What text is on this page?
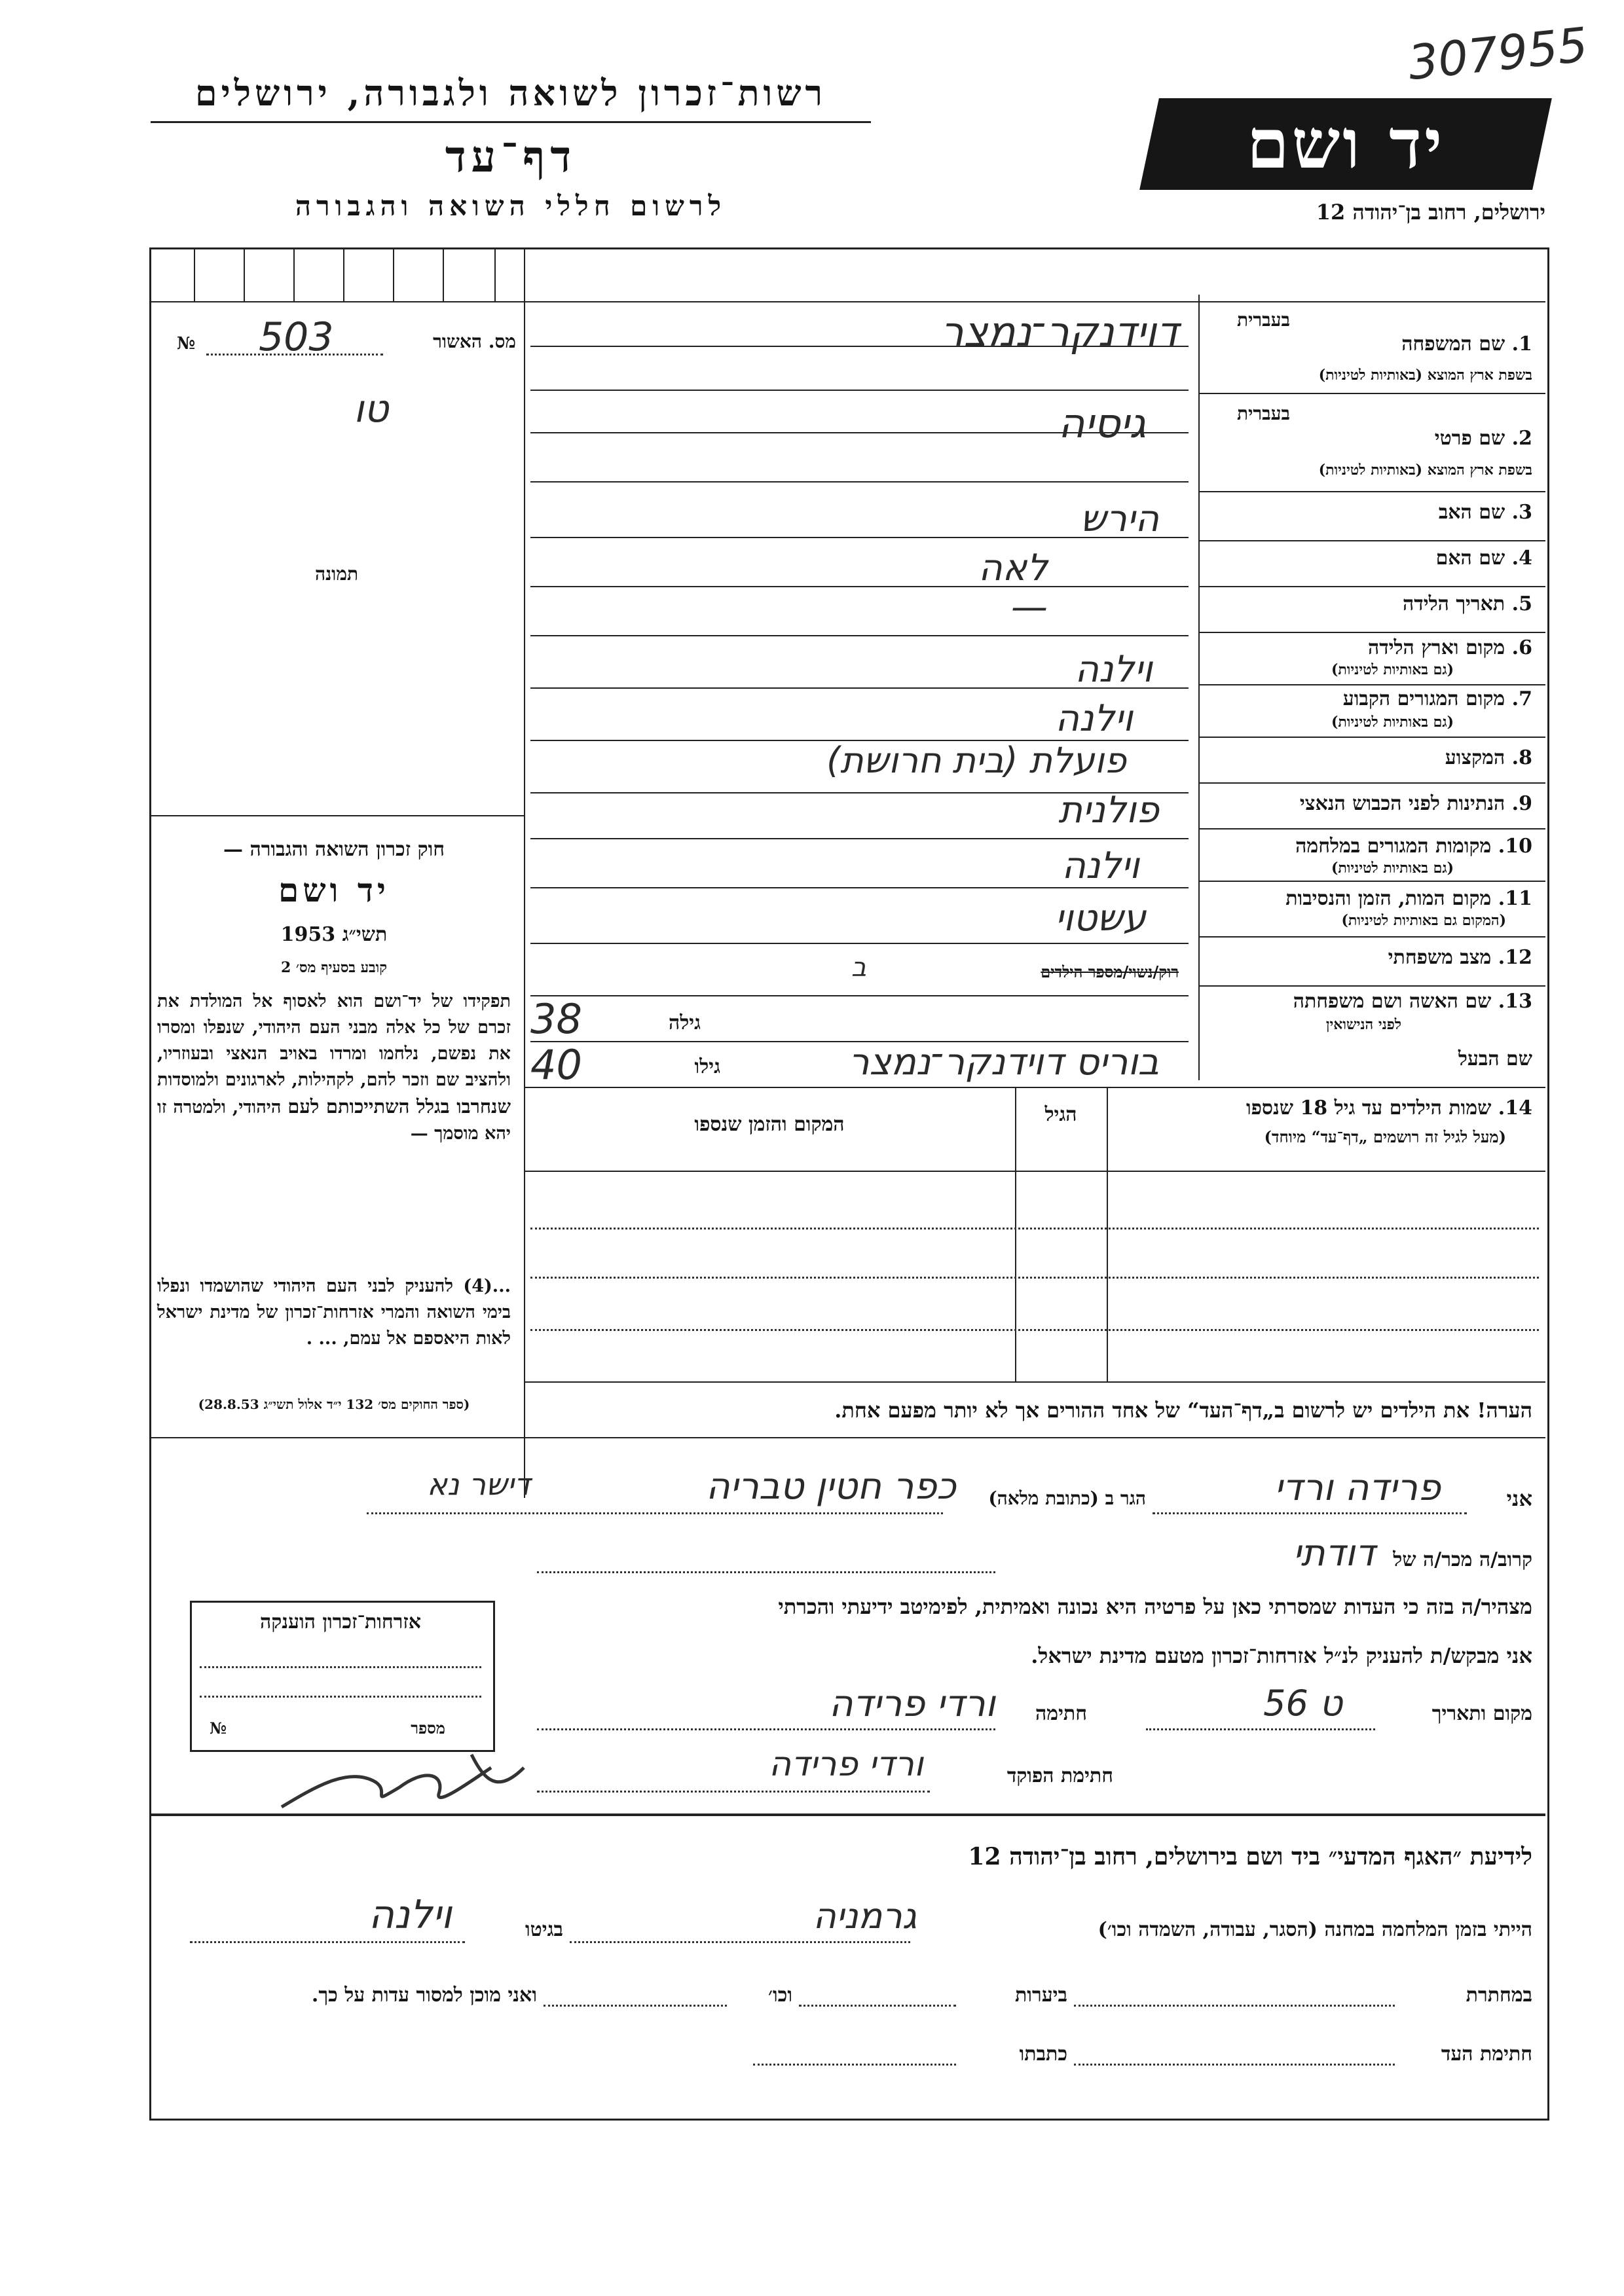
307955
רשות־זכרון לשואה ולגבורה, ירושלים
דף־עד
לרשום חללי השואה והגבורה
יד ושם
ירושלים, רחוב בן־יהודה 12
מס. האשור
№ 503
טו
תמונה
חוק זכרון השואה והגבורה —
יד ושם
תשי״ג 1953
קובע בסעיף מס׳ 2
תפקידו של יד־ושם הוא לאסוף אל המולדת את זכרם של כל אלה מבני העם היהודי, שנפלו ומסרו את נפשם, נלחמו ומרדו באויב הנאצי ובעוזריו, ולהציב שם וזכר להם, לקהילות, לארגונים ולמוסדות שנחרבו בגלל השתייכותם לעם היהודי, ולמטרה זו יהא מוסמך —
...(4) להעניק לבני העם היהודי שהושמדו ונפלו בימי השואה והמרי אזרחות־זכרון של מדינת ישראל לאות היאספם אל עמם, ... .
(ספר החוקים מס׳ 132 י״ד אלול תשי״ג 28.8.53)
בעברית
1. שם המשפחה
בשפת ארץ המוצא (באותיות לטיניות)
דוידנקר־נמצר
בעברית
2. שם פרטי
בשפת ארץ המוצא (באותיות לטיניות)
גיסיה
3. שם האב
הירש
4. שם האם
לאה
5. תאריך הלידה
—
6. מקום וארץ הלידה
(גם באותיות לטיניות)
וילנה
7. מקום המגורים הקבוע
(גם באותיות לטיניות)
וילנה
8. המקצוע
פועלת (בית חרושת)
9. הנתינות לפני הכבוש הנאצי
פולנית
10. מקומות המגורים במלחמה
(גם באותיות לטיניות)
וילנה
11. מקום המות, הזמן והנסיבות
(המקום גם באותיות לטיניות)
עשטוי
12. מצב משפחתי
רוק/נשוי/מספר הילדים
ב
13. שם האשה ושם משפחתה
לפני הנישואין
גילה
38
שם הבעל
גילו
40	בוריס דוידנקר־נמצר
14. שמות הילדים עד גיל 18 שנספו
(מעל לגיל זה רושמים „דף־עד“ מיוחד)
הגיל
המקום והזמן שנספו
הערה! את הילדים יש לרשום ב„דף־העד“ של אחד ההורים אך לא יותר מפעם אחת.
אני
פרידה ורדי
הגר ב (כתובת מלאה)
כפר חטין טבריה
דישר נא
קרוב/ה מכר/ה של
דודתי
מצהיר/ה בזה כי העדות שמסרתי כאן על פרטיה היא נכונה ואמיתית, לפימיטב ידיעתי והכרתי
אני מבקש/ת להעניק לנ״ל אזרחות־זכרון מטעם מדינת ישראל.
מקום ותאריך
ט 56
חתימה
ורדי פרידה
חתימת הפוקד
ורדי פרידה
אזרחות־זכרון הוענקה
מספר
№
לידיעת ״האגף המדעי״ ביד ושם בירושלים, רחוב בן־יהודה 12
הייתי בזמן המלחמה במחנה (הסגר, עבודה, השמדה וכו׳)
גרמניה
בגיטו
וילנה
במחתרת
ביערות
וכו׳
ואני מוכן למסור עדות על כך.
חתימת העד
כתבתו
